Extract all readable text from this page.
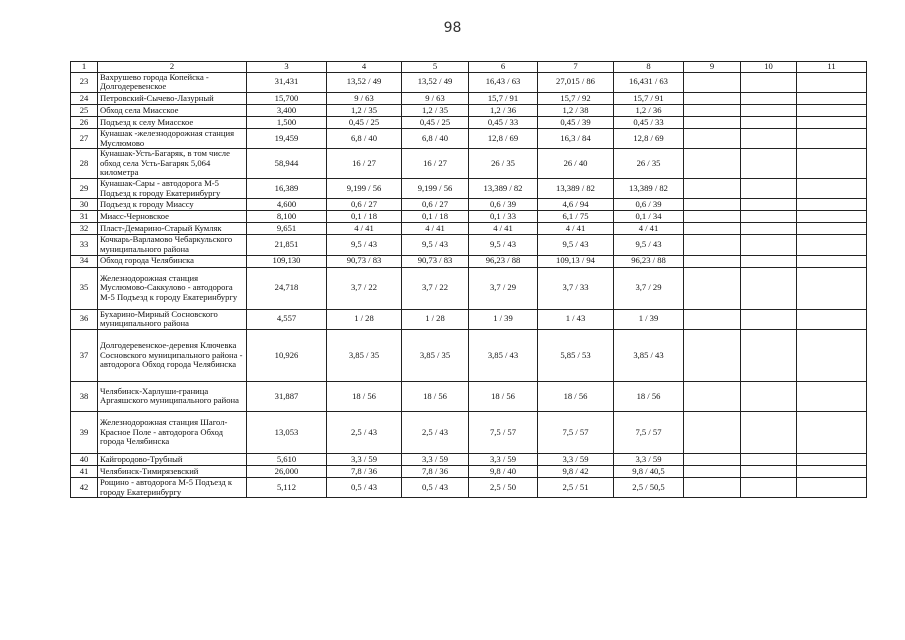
98
1	2	3	4	5	6	7	8	9	10	11
23	Вахрушево города Копейска - Долгодеревенское	31,431	13,52 / 49	13,52 / 49	16,43 / 63	27,015 / 86	16,431 / 63			
24	Петровский-Сычево-Лазурный	15,700	9 / 63	9 / 63	15,7 / 91	15,7 / 92	15,7 / 91			
25	Обход села Миасское	3,400	1,2 / 35	1,2 / 35	1,2 / 36	1,2 / 38	1,2 / 36			
26	Подъезд к селу Миасское	1,500	0,45 / 25	0,45 / 25	0,45 / 33	0,45 / 39	0,45 / 33			
27	Кунашак -железнодорожная станция Муслюмово	19,459	6,8 / 40	6,8 / 40	12,8 / 69	16,3 / 84	12,8 / 69			
28	Кунашак-Усть-Багаряк, в том числе обход села Усть-Багаряк 5,064 километра	58,944	16 / 27	16 / 27	26 / 35	26 / 40	26 / 35			
29	Кунашак-Сары - автодорога М-5 Подъезд к городу Екатеринбургу	16,389	9,199 / 56	9,199 / 56	13,389 / 82	13,389 / 82	13,389 / 82			
30	Подъезд к городу Миассу	4,600	0,6 / 27	0,6 / 27	0,6 / 39	4,6 / 94	0,6 / 39			
31	Миасс-Черновское	8,100	0,1 / 18	0,1 / 18	0,1 / 33	6,1 / 75	0,1 / 34			
32	Пласт-Демарино-Старый Кумляк	9,651	4 / 41	4 / 41	4 / 41	4 / 41	4 / 41			
33	Кочкарь-Варламово Чебаркульского муниципального района	21,851	9,5 / 43	9,5 / 43	9,5 / 43	9,5 / 43	9,5 / 43			
34	Обход города Челябинска	109,130	90,73 / 83	90,73 / 83	96,23 / 88	109,13 / 94	96,23 / 88			
35	Железнодорожная станция Муслюмово-Саккулово - автодорога М-5 Подъезд к городу Екатеринбургу	24,718	3,7 / 22	3,7 / 22	3,7 / 29	3,7 / 33	3,7 / 29			
36	Бухарино-Мирный Сосновского муниципального района	4,557	1 / 28	1 / 28	1 / 39	1 / 43	1 / 39			
37	Долгодеревенское-деревня Ключевка Сосновского муниципального района - автодорога Обход города Челябинска	10,926	3,85 / 35	3,85 / 35	3,85 / 43	5,85 / 53	3,85 / 43			
38	Челябинск-Харлуши-граница Аргаяшского муниципального района	31,887	18 / 56	18 / 56	18 / 56	18 / 56	18 / 56			
39	Железнодорожная станция Шагол-Красное Поле - автодорога Обход города Челябинска	13,053	2,5 / 43	2,5 / 43	7,5 / 57	7,5 / 57	7,5 / 57			
40	Кайгородово-Трубный	5,610	3,3 / 59	3,3 / 59	3,3 / 59	3,3 / 59	3,3 / 59			
41	Челябинск-Тимирязевский	26,000	7,8 / 36	7,8 / 36	9,8 / 40	9,8 / 42	9,8 / 40,5			
42	Рощино - автодорога М-5 Подъезд к городу Екатеринбургу	5,112	0,5 / 43	0,5 / 43	2,5 / 50	2,5 / 51	2,5 / 50,5			
